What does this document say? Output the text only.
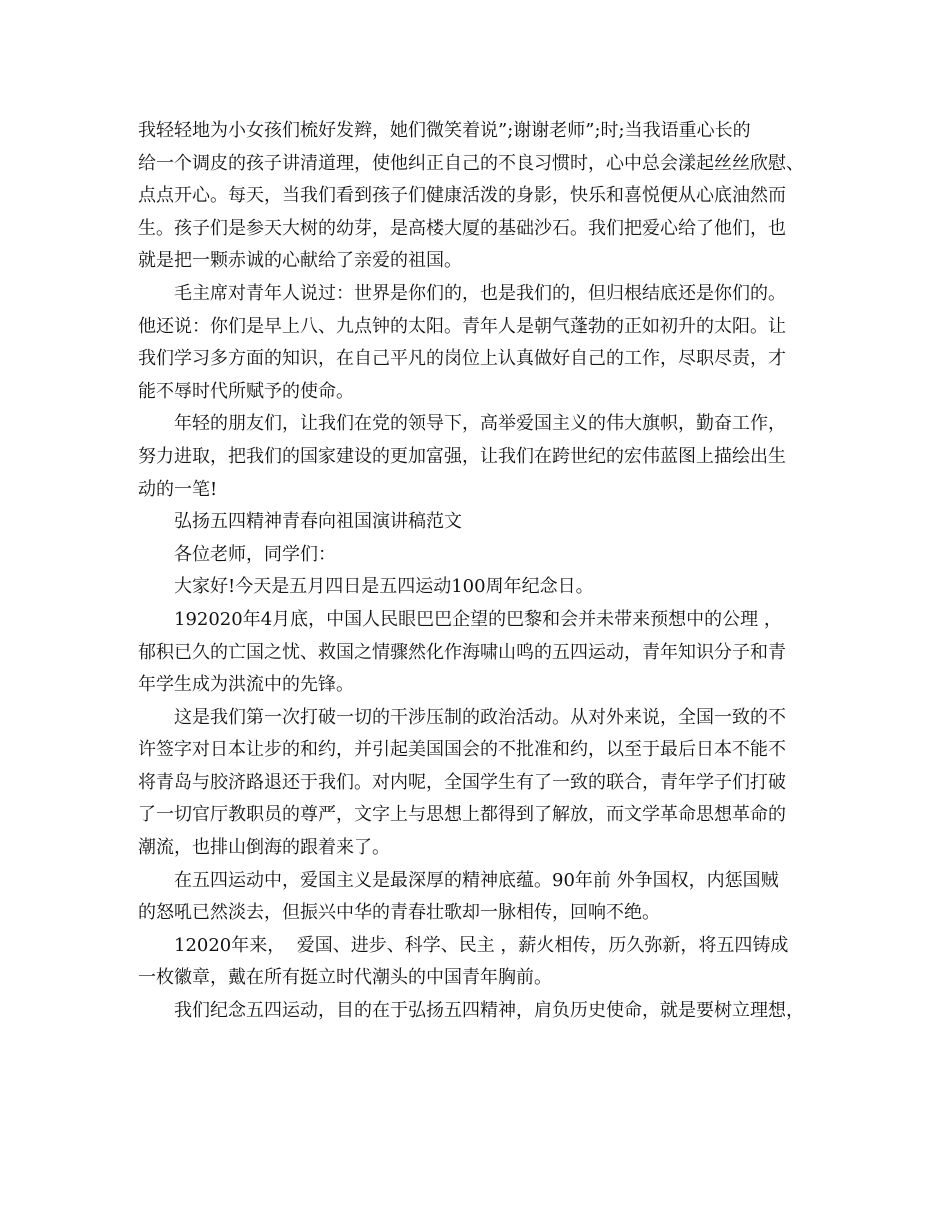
我轻轻地为小女孩们梳好发辫，她们微笑着说”;谢谢老师”;时;当我语重心长的
给一个调皮的孩子讲清道理，使他纠正自己的不良习惯时，心中总会漾起丝丝欣慰、
点点开心。每天，当我们看到孩子们健康活泼的身影，快乐和喜悦便从心底油然而
生。孩子们是参天大树的幼芽，是高楼大厦的基础沙石。我们把爱心给了他们，也
就是把一颗赤诚的心献给了亲爱的祖国。
毛主席对青年人说过：世界是你们的，也是我们的，但归根结底还是你们的。
他还说：你们是早上八、九点钟的太阳。青年人是朝气蓬勃的正如初升的太阳。让
我们学习多方面的知识，在自己平凡的岗位上认真做好自己的工作，尽职尽责，才
能不辱时代所赋予的使命。
年轻的朋友们，让我们在党的领导下，高举爱国主义的伟大旗帜，勤奋工作，
努力进取，把我们的国家建设的更加富强，让我们在跨世纪的宏伟蓝图上描绘出生
动的一笔!
弘扬五四精神青春向祖国演讲稿范文
各位老师，同学们：
大家好!今天是五月四日是五四运动100周年纪念日。
192020年4月底，中国人民眼巴巴企望的巴黎和会并未带来预想中的公理 ，
郁积已久的亡国之忧、救国之情骤然化作海啸山鸣的五四运动，青年知识分子和青
年学生成为洪流中的先锋。
这是我们第一次打破一切的干涉压制的政治活动。从对外来说，全国一致的不
许签字对日本让步的和约，并引起美国国会的不批准和约，以至于最后日本不能不
将青岛与胶济路退还于我们。对内呢，全国学生有了一致的联合，青年学子们打破
了一切官厅教职员的尊严，文字上与思想上都得到了解放，而文学革命思想革命的
潮流，也排山倒海的跟着来了。
在五四运动中，爱国主义是最深厚的精神底蕴。90年前 外争国权，内惩国贼
的怒吼已然淡去，但振兴中华的青春壮歌却一脉相传，回响不绝。
12020年来，  爱国、进步、科学、民主 ，薪火相传，历久弥新，将五四铸成
一枚徽章，戴在所有挺立时代潮头的中国青年胸前。
我们纪念五四运动，目的在于弘扬五四精神，肩负历史使命，就是要树立理想，
